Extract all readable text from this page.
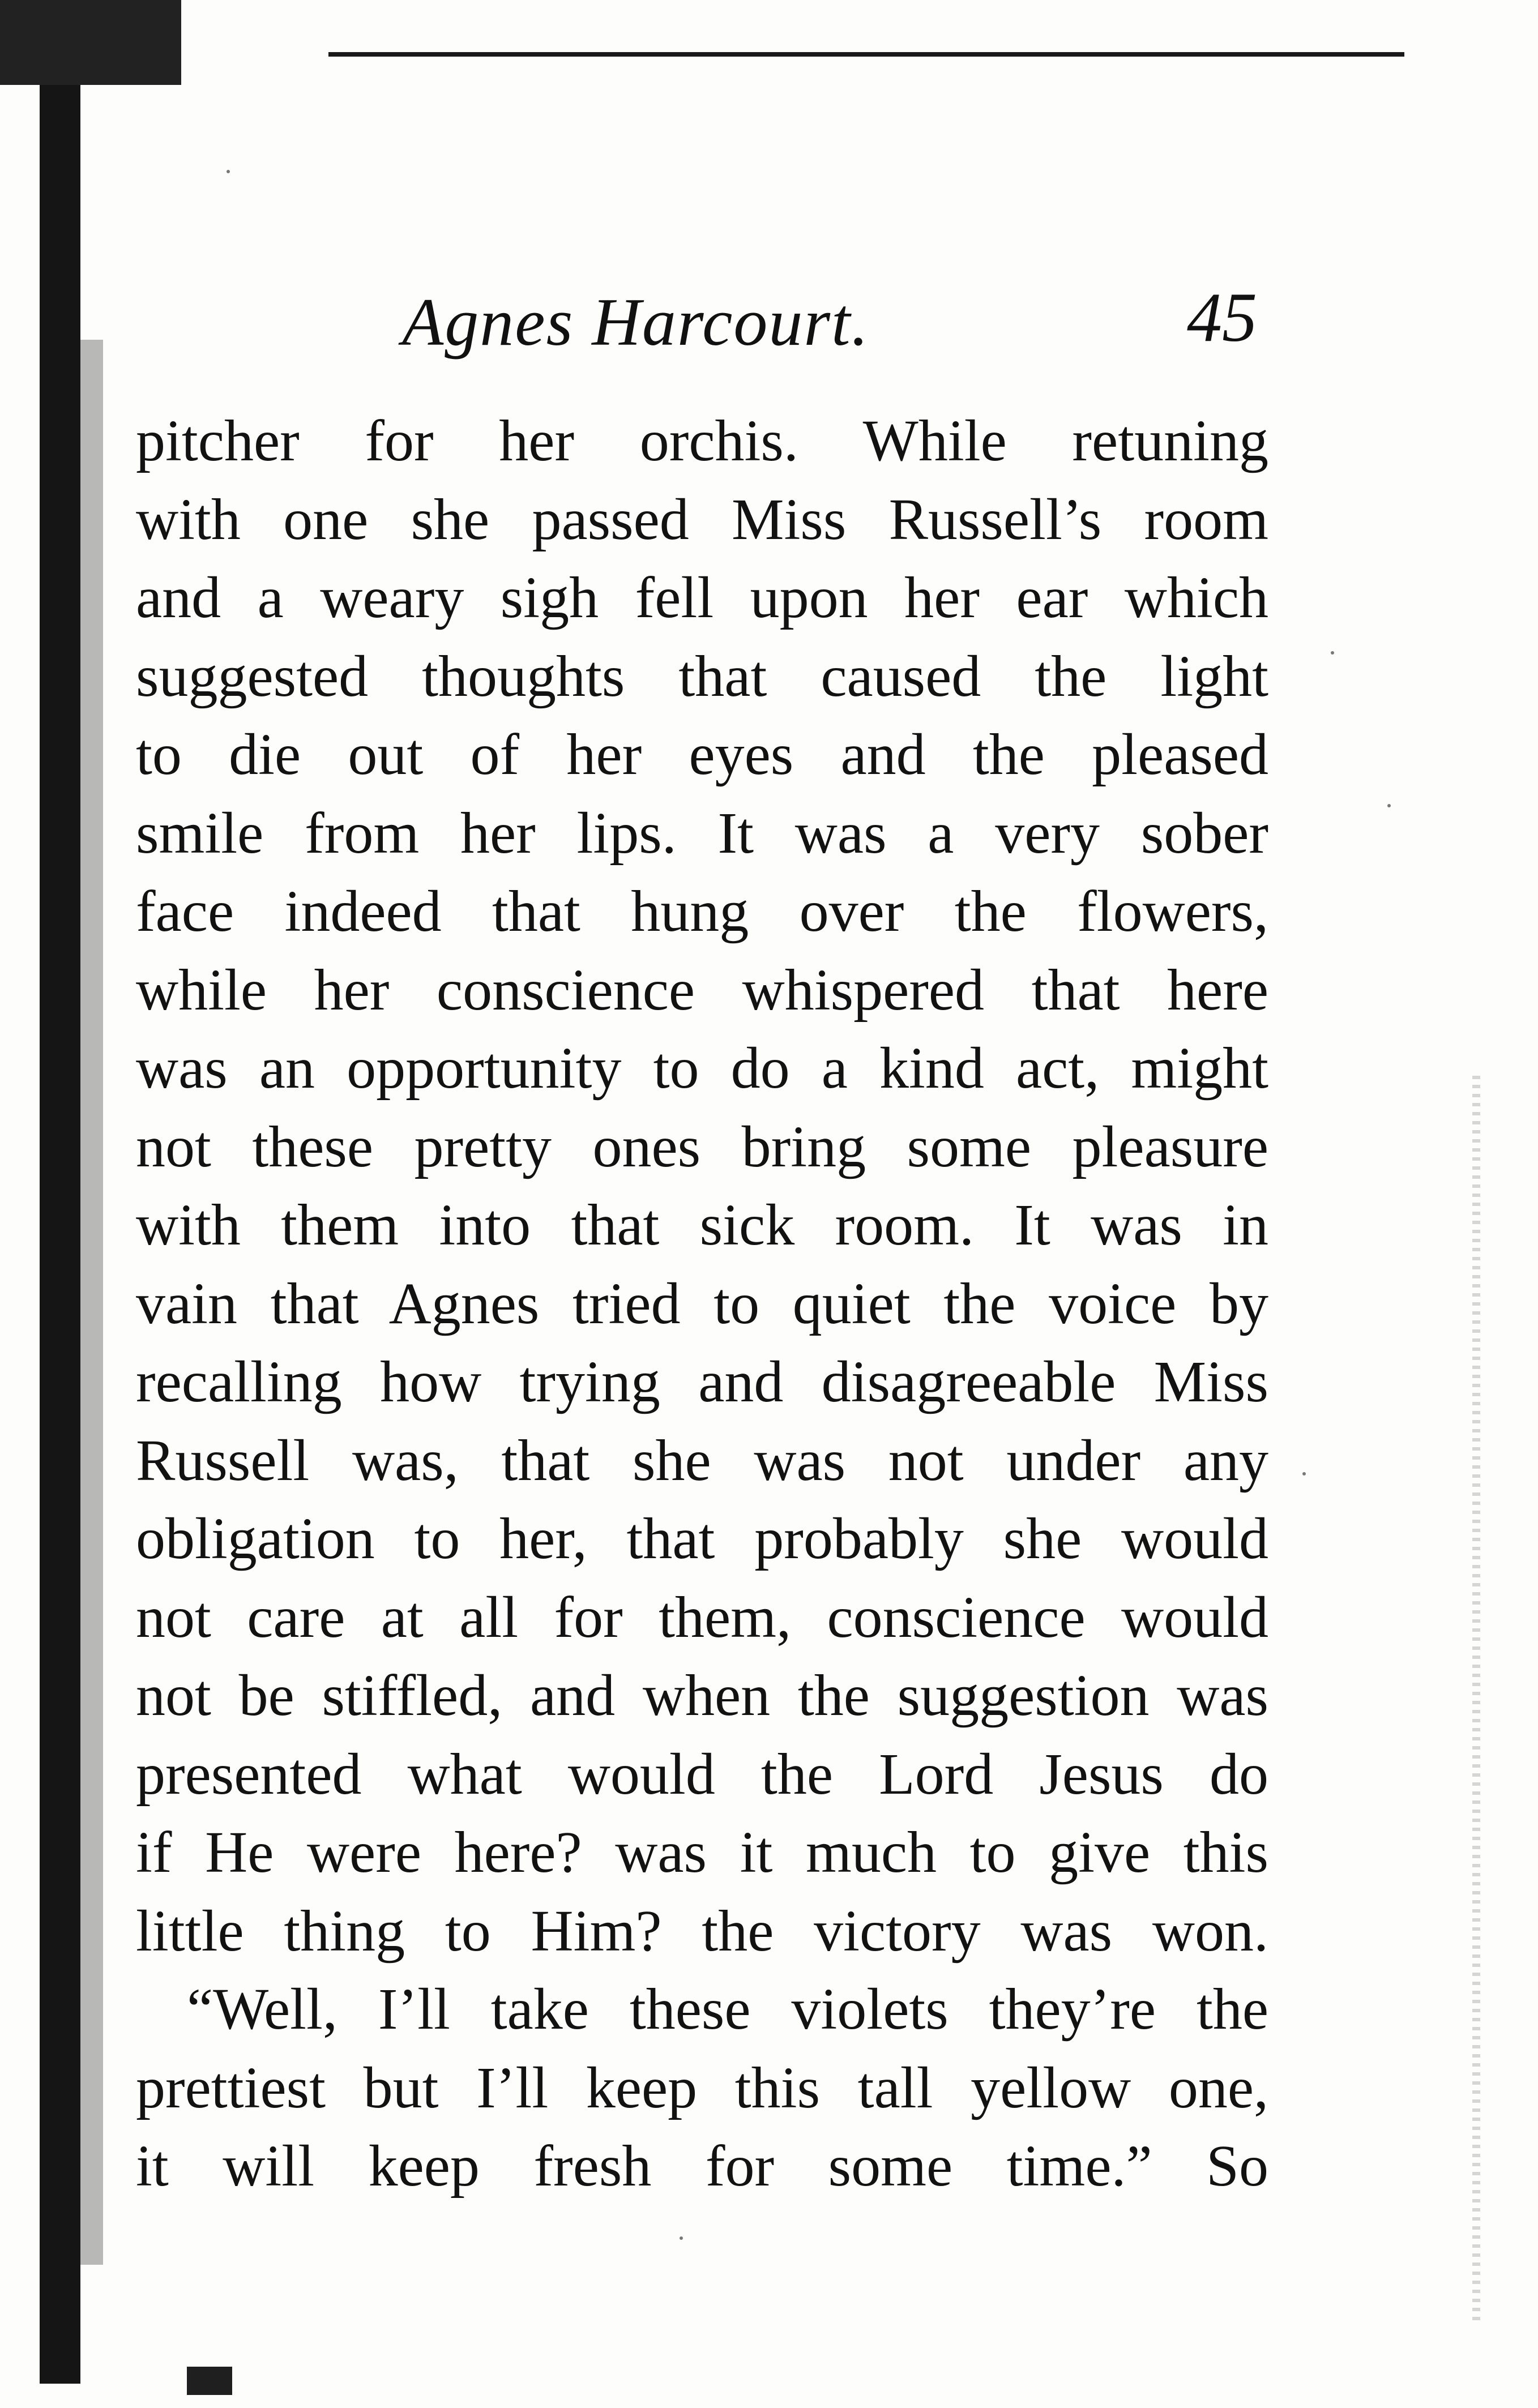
Agnes Harcourt.	45
pitcher for her orchis. While retuning
with one she passed Miss Russell’s room
and a weary sigh fell upon her ear which
suggested thoughts that caused the light
to die out of her eyes and the pleased
smile from her lips. It was a very sober
face indeed that hung over the flowers,
while her conscience whispered that here
was an opportunity to do a kind act, might
not these pretty ones bring some pleasure
with them into that sick room. It was in
vain that Agnes tried to quiet the voice by
recalling how trying and disagreeable Miss
Russell was, that she was not under any
obligation to her, that probably she would
not care at all for them, conscience would
not be stiffled, and when the suggestion was
presented what would the Lord Jesus do
if He were here? was it much to give this
little thing to Him? the victory was won.
“Well, I’ll take these violets they’re the
prettiest but I’ll keep this tall yellow one,
it will keep fresh for some time.” So
